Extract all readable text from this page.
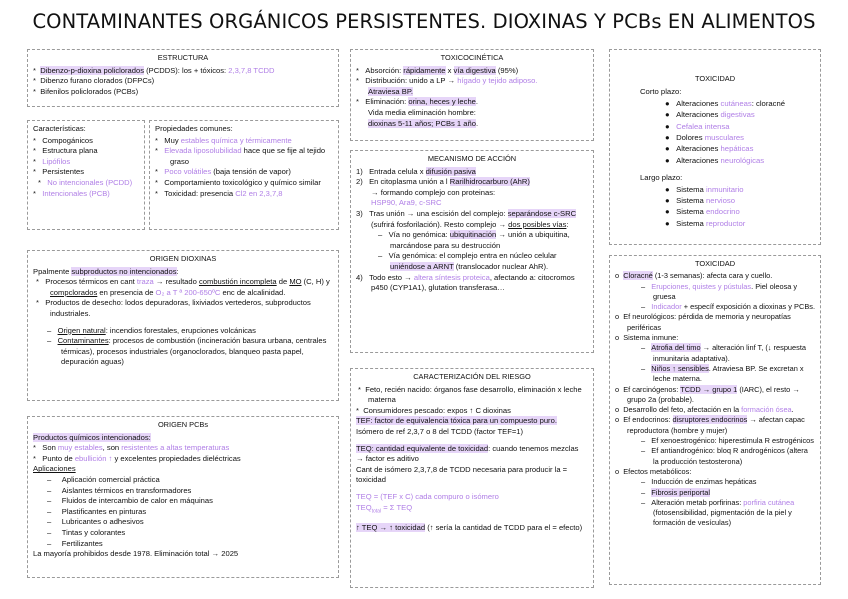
CONTAMINANTES ORGÁNICOS PERSISTENTES. DIOXINAS Y PCBs EN ALIMENTOS
ESTRUCTURA
*  Dibenzo-p-dioxina policlorados (PCDDS): los + tóxicos: 2,3,7,8 TCDD
*  Dibenzo furano clorados (DFPCs)
*  Bifenilos policlorados (PCBs)
Características:
*   Compogánicos
*   Estructura plana
*   Lipófilos
*   Persistentes
*   No intencionales (PCDD)
*   Intencionales (PCB)
Propiedades comunes:
*   Muy estables química y térmicamente
*   Elevada liposolubilidad hace que se fije al tejido graso
*   Poco volátiles (baja tensión de vapor)
*   Comportamiento toxicológico y químico similar
*   Toxicidad: presencia Cl2 en 2,3,7,8
ORIGEN DIOXINAS
Ppalmente subproductos no intencionados:
*   Procesos térmicos en cant traza → resultado combustión incompleta de MO (C, H) y compclorados en presencia de O₂ a T ª 200-650ºC enc de alcalinidad.
*   Productos de desecho: lodos depuradoras, lixiviados vertederos, subproductos industriales.
–   Origen natural: incendios forestales, erupciones volcánicas
–   Contaminantes: procesos de combustión (incineración basura urbana, centrales térmicas), procesos industriales (organoclorados, blanqueo pasta papel, depuración aguas)
ORIGEN PCBs
Productos químicos intencionados:
*   Son muy estables, son resistentes a altas temperaturas
*   Punto de ebullición ↑ y excelentes propiedades dieléctricas
Aplicaciones
–     Aplicación comercial práctica
–     Aislantes térmicos en transformadores
–     Fluidos de intercambio de calor en máquinas
–     Plastificantes en pinturas
–     Lubricantes o adhesivos
–     Tintas y colorantes
–     Fertilizantes
La mayoría prohibidos desde 1978. Eliminación total → 2025
TOXICOCINÉTICA
*   Absorción: rápidamente x vía digestiva (95%)
*   Distribución: unido a LP → hígado y tejido adiposo.
Atraviesa BP.
*   Eliminación: orina, heces y leche.
Vida media eliminación hombre:
dioxinas 5-11 años; PCBs 1 año.
MECANISMO DE ACCIÓN
1)   Entrada celula x difusión pasiva
2)   En citoplasma unión a l Rarilhidrocarburo (AhR)
→ formando complejo con proteinas:
HSP90, Ara9, c-SRC
3)   Tras unión → una escisión del complejo: separándose c-SRC (sufrirá fosforilación). Resto complejo → dos posibles vías:
–   Vía no genómica: ubiquitinación → unión a ubiquitina, marcándose para su destrucción
–   Vía genómica: el complejo entra en núcleo celular uniéndose a ARNT (translocador nuclear AhR).
4)   Todo esto → altera síntesis proteica, afectando a: citocromos p450 (CYP1A1), glutation transferasa…
CARACTERIZACIÓN DEL RIESGO
*  Feto, recién nacido: órganos fase desarrollo, eliminación x leche materna
*  Consumidores pescado: expos ↑ C dioxinas
TEF: factor de equivalencia tóxica para un compuesto puro.
Isómero de ref 2,3,7 o 8 del TCDD (factor TEF=1)
TEQ: cantidad equivalente de toxicidad: cuando tenemos mezclas → factor es aditivo
Cant de isómero 2,3,7,8 de TCDD necesaria para producir la = toxicidad
TEQ = (TEF x C) cada compuro o isómero
$TEQ_{total} = \Sigma$ TEQ
↑ TEQ → ↑ toxicidad (↑ sería la cantidad de TCDD para el = efecto)
TOXICIDAD
Corto plazo:
●   Alteraciones cutáneas: cloracné
●   Alteraciones digestivas
●   Cefalea intensa
●   Dolores musculares
●   Alteraciones hepáticas
●   Alteraciones neurológicas
Largo plazo:
●   Sistema inmunitario
●   Sistema nervioso
●   Sistema endocrino
●   Sistema reproductor
TOXICIDAD
o  Cloracné (1-3 semanas): afecta cara y cuello.
–   Erupciones, quistes y pústulas. Piel oleosa y gruesa
–   Indicador + específ exposición a dioxinas y PCBs.
o  Ef neurológicos: pérdida de memoria y neuropatías periféricas
o  Sistema inmune:
–   Atrofia del timo → alteración linf T, (↓ respuesta inmunitaria adaptativa).
–   Niños ↑ sensibles. Atraviesa BP. Se excretan x leche materna.
o  Ef carcinógenos: TCDD → grupo 1 (IARC), el resto → grupo 2a (probable).
o  Desarrollo del feto, afectación en la formación ósea.
o  Ef endocrinos: disruptores endocrinos → afectan capac reproductora (hombre y mujer)
–   Ef xenoestrogénico: hiperestimula R estrogénicos
–   Ef antiandrogénico: bloq R androgénicos (altera la producción testosterona)
o  Efectos metabólicos:
–   Inducción de enzimas hepáticas
–   Fibrosis periportal
–   Alteración metab porfirinas: porfiria cutánea (fotosensibilidad, pigmentación de la piel y formación de vesículas)
